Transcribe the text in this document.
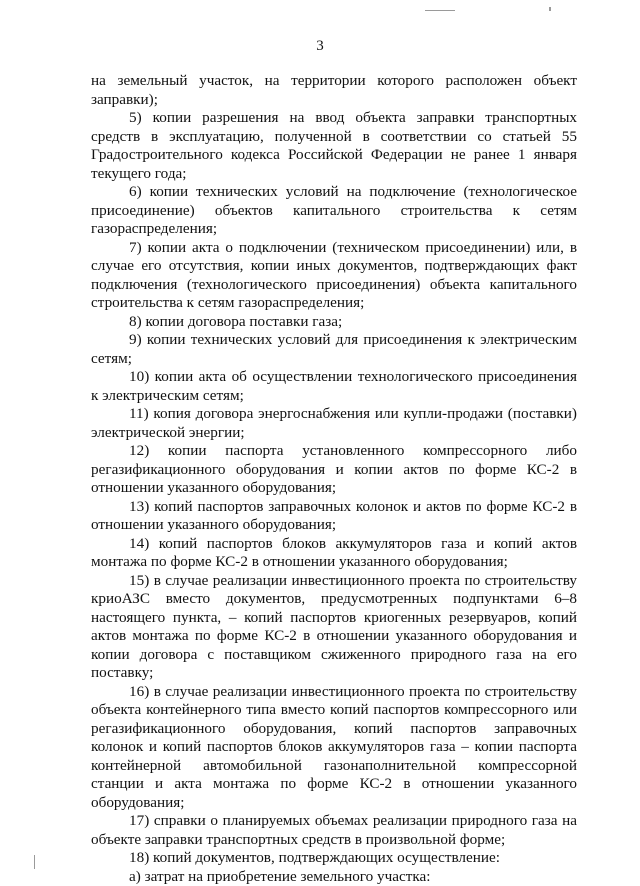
3

на земельный участок, на территории которого расположен объект заправки);

5) копии разрешения на ввод объекта заправки транспортных средств в эксплуатацию, полученной в соответствии со статьей 55 Градостроительного кодекса Российской Федерации не ранее 1 января текущего года;

6) копии технических условий на подключение (технологическое присоединение) объектов капитального строительства к сетям газораспределения;

7) копии акта о подключении (техническом присоединении) или, в случае его отсутствия, копии иных документов, подтверждающих факт подключения (технологического присоединения) объекта капитального строительства к сетям газораспределения;

8) копии договора поставки газа;

9) копии технических условий для присоединения к электрическим сетям;

10) копии акта об осуществлении технологического присоединения к электрическим сетям;

11) копия договора энергоснабжения или купли-продажи (поставки) электрической энергии;

12) копии паспорта установленного компрессорного либо регазификационного оборудования и копии актов по форме КС-2 в отношении указанного оборудования;

13) копий паспортов заправочных колонок и актов по форме КС-2 в отношении указанного оборудования;

14) копий паспортов блоков аккумуляторов газа и копий актов монтажа по форме КС-2 в отношении указанного оборудования;

15) в случае реализации инвестиционного проекта по строительству криоАЗС вместо документов, предусмотренных подпунктами 6–8 настоящего пункта, – копий паспортов криогенных резервуаров, копий актов монтажа по форме КС-2 в отношении указанного оборудования и копии договора с поставщиком сжиженного природного газа на его поставку;

16) в случае реализации инвестиционного проекта по строительству объекта контейнерного типа вместо копий паспортов компрессорного или регазификационного оборудования, копий паспортов заправочных колонок и копий паспортов блоков аккумуляторов газа – копии паспорта контейнерной автомобильной газонаполнительной компрессорной станции и акта монтажа по форме КС-2 в отношении указанного оборудования;

17) справки о планируемых объемах реализации природного газа на объекте заправки транспортных средств в произвольной форме;

18) копий документов, подтверждающих осуществление:

а) затрат на приобретение земельного участка:
